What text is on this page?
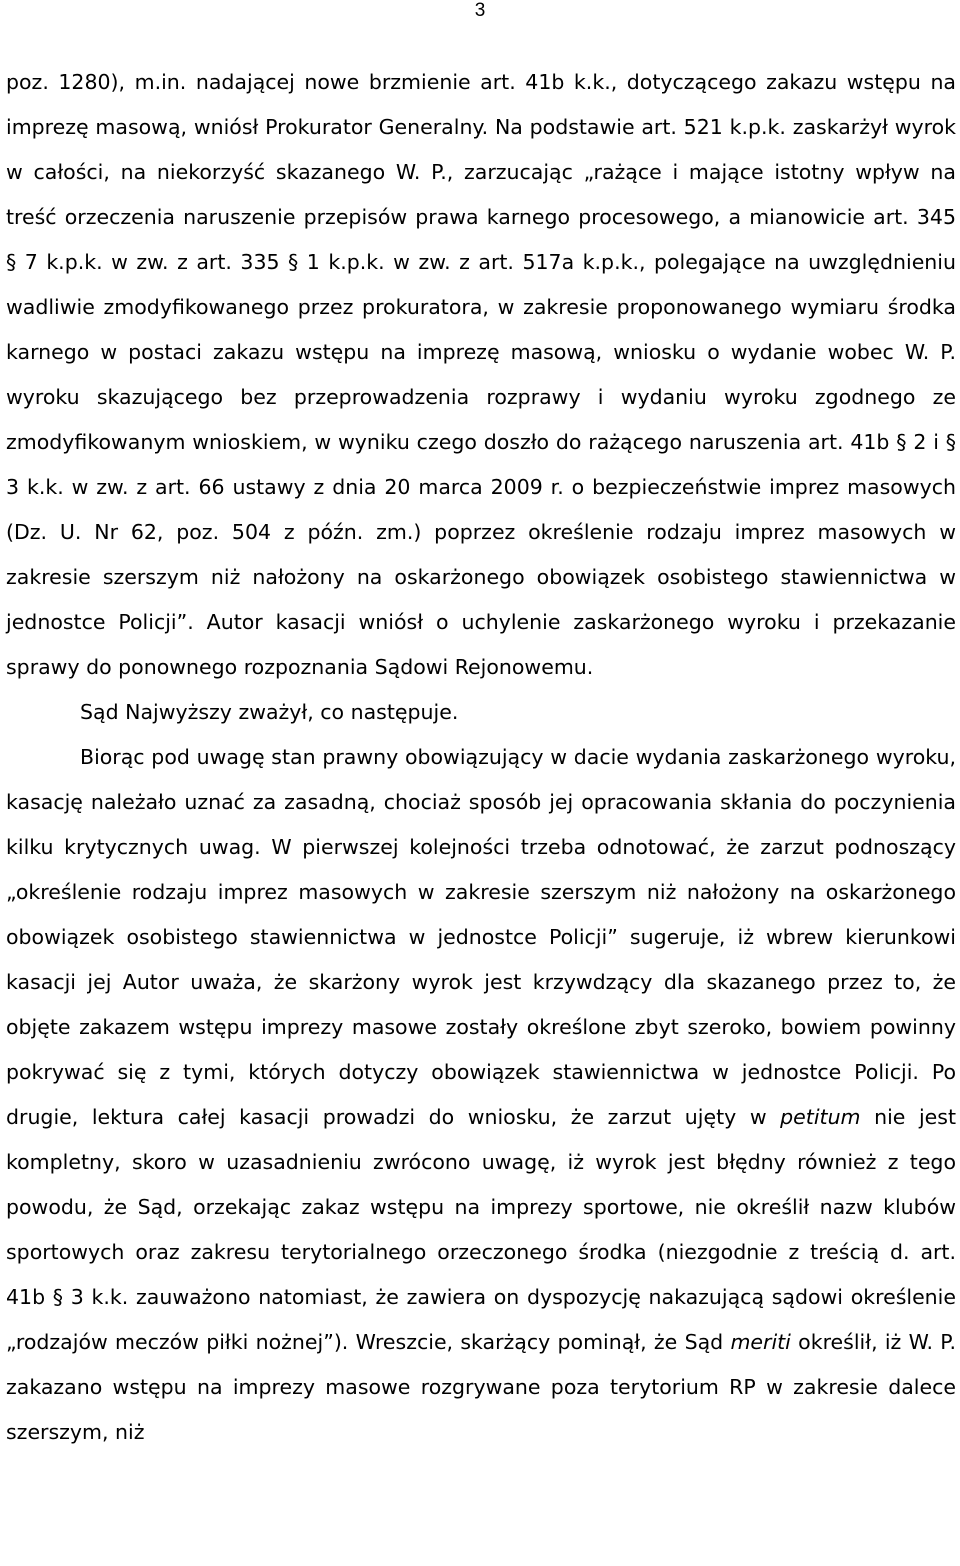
3

poz. 1280), m.in. nadającej nowe brzmienie art. 41b k.k., dotyczącego zakazu wstępu na imprezę masową, wniósł Prokurator Generalny. Na podstawie art. 521 k.p.k. zaskarżył wyrok w całości, na niekorzyść skazanego W. P., zarzucając „rażące i mające istotny wpływ na treść orzeczenia naruszenie przepisów prawa karnego procesowego, a mianowicie art. 345 § 7 k.p.k. w zw. z art. 335 § 1 k.p.k. w zw. z art. 517a k.p.k., polegające na uwzględnieniu wadliwie zmodyfikowanego przez prokuratora, w zakresie proponowanego wymiaru środka karnego w postaci zakazu wstępu na imprezę masową, wniosku o wydanie wobec W. P. wyroku skazującego bez przeprowadzenia rozprawy i wydaniu wyroku zgodnego ze zmodyfikowanym wnioskiem, w wyniku czego doszło do rażącego naruszenia art. 41b § 2 i § 3 k.k. w zw. z art. 66 ustawy z dnia 20 marca 2009 r. o bezpieczeństwie imprez masowych (Dz. U. Nr 62, poz. 504 z późn. zm.) poprzez określenie rodzaju imprez masowych w zakresie szerszym niż nałożony na oskarżonego obowiązek osobistego stawiennictwa w jednostce Policji”. Autor kasacji wniósł o uchylenie zaskarżonego wyroku i przekazanie sprawy do ponownego rozpoznania Sądowi Rejonowemu.

Sąd Najwyższy zważył, co następuje.

Biorąc pod uwagę stan prawny obowiązujący w dacie wydania zaskarżonego wyroku, kasację należało uznać za zasadną, chociaż sposób jej opracowania skłania do poczynienia kilku krytycznych uwag. W pierwszej kolejności trzeba odnotować, że zarzut podnoszący „określenie rodzaju imprez masowych w zakresie szerszym niż nałożony na oskarżonego obowiązek osobistego stawiennictwa w jednostce Policji” sugeruje, iż wbrew kierunkowi kasacji jej Autor uważa, że skarżony wyrok jest krzywdzący dla skazanego przez to, że objęte zakazem wstępu imprezy masowe zostały określone zbyt szeroko, bowiem powinny pokrywać się z tymi, których dotyczy obowiązek stawiennictwa w jednostce Policji. Po drugie, lektura całej kasacji prowadzi do wniosku, że zarzut ujęty w petitum nie jest kompletny, skoro w uzasadnieniu zwrócono uwagę, iż wyrok jest błędny również z tego powodu, że Sąd, orzekając zakaz wstępu na imprezy sportowe, nie określił nazw klubów sportowych oraz zakresu terytorialnego orzeczonego środka (niezgodnie z treścią d. art. 41b § 3 k.k. zauważono natomiast, że zawiera on dyspozycję nakazującą sądowi określenie „rodzajów meczów piłki nożnej”). Wreszcie, skarżący pominął, że Sąd meriti określił, iż W. P. zakazano wstępu na imprezy masowe rozgrywane poza terytorium RP w zakresie dalece szerszym, niż
